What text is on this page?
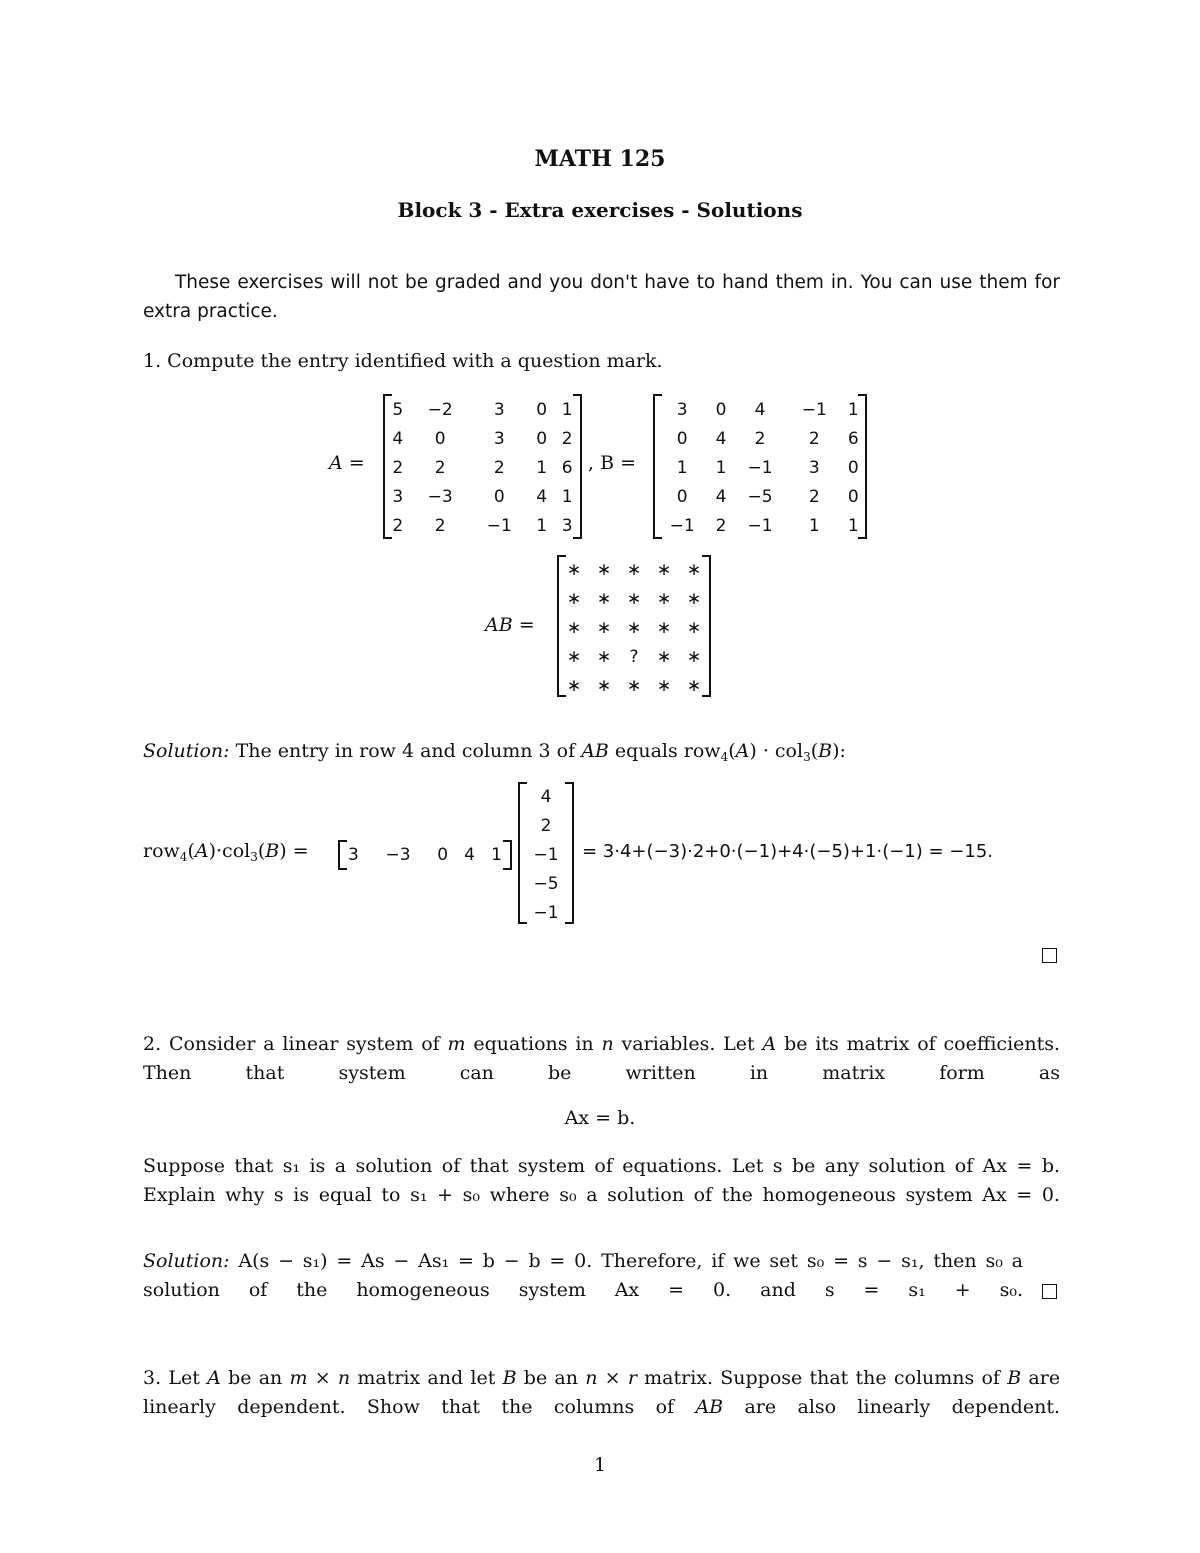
MATH 125
Block 3 - Extra exercises - Solutions
These exercises will not be graded and you don't have to hand them in. You can use them for extra practice.
1. Compute the entry identified with a question mark.
A =
5	−2	3	0	1
4	0	3	0	2
2	2	2	1	6
3	−3	0	4	1
2	2	−1	1	3
, B =
3	0	4	−1	1
0	4	2	2	6
1	1	−1	3	0
0	4	−5	2	0
−1	2	−1	1	1
AB =
∗	∗	∗	∗	∗
∗	∗	∗	∗	∗
∗	∗	∗	∗	∗
∗	∗	?	∗	∗
∗	∗	∗	∗	∗
Solution: The entry in row 4 and column 3 of AB equals row$_4$(A) · col$_3$(B):
row$_4$(A)·col$_3$(B) = 3	−3	0	4	1
4
2
−1
−5
−1
= 3·4+(−3)·2+0·(−1)+4·(−5)+1·(−1) = −15.
2. Consider a linear system of m equations in n variables. Let A be its matrix of coefficients. Then that system can be written in matrix form as
Ax = b.
Suppose that s₁ is a solution of that system of equations. Let s be any solution of Ax = b. Explain why s is equal to s₁ + s₀ where s₀ a solution of the homogeneous system Ax = 0.
Solution: A(s − s₁) = As − As₁ = b − b = 0. Therefore, if we set s₀ = s − s₁, then s₀ a solution of the homogeneous system Ax = 0. and s = s₁ + s₀.
3. Let A be an m × n matrix and let B be an n × r matrix. Suppose that the columns of B are linearly dependent. Show that the columns of AB are also linearly dependent.
1
